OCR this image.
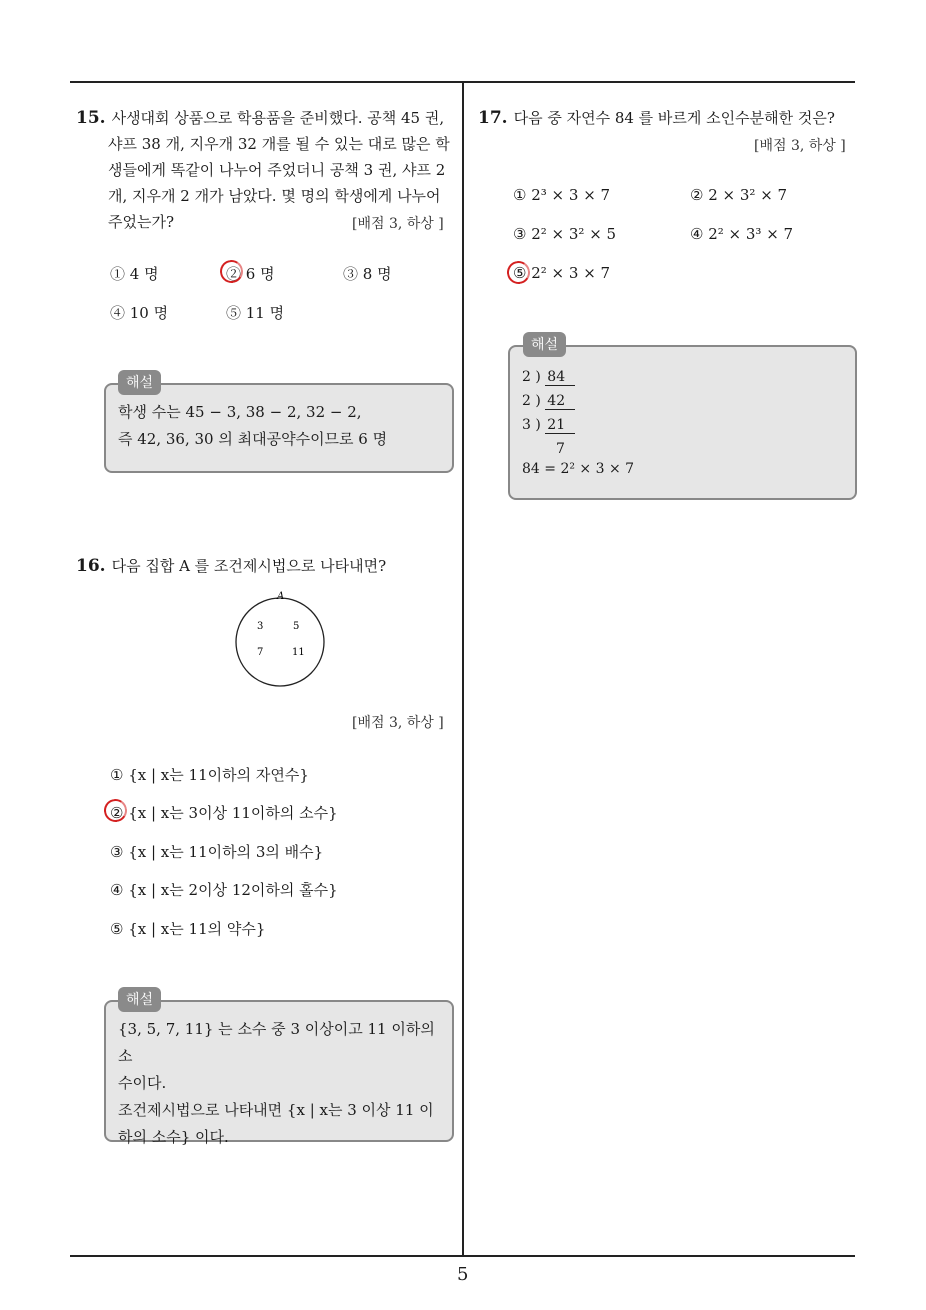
15. 사생대회 상품으로 학용품을 준비했다. 공책 45 권,
샤프 38 개, 지우개 32 개를 될 수 있는 대로 많은 학
생들에게 똑같이 나누어 주었더니 공책 3 권, 샤프 2
개, 지우개 2 개가 남았다. 몇 명의 학생에게 나누어
주었는가?	[배점 3, 하상 ]
① 4 명	② 6 명	③ 8 명
④ 10 명	⑤ 11 명
학생 수는 45 − 3, 38 − 2, 32 − 2,
즉 42, 36, 30 의 최대공약수이므로 6 명
해설
16. 다음 집합 A 를 조건제시법으로 나타내면?
A
3	5
7	11
[배점 3, 하상 ]
① {x | x는 11이하의 자연수}
② {x | x는 3이상 11이하의 소수}
③ {x | x는 11이하의 3의 배수}
④ {x | x는 2이상 12이하의 홀수}
⑤ {x | x는 11의 약수}
{3, 5, 7, 11} 는 소수 중 3 이상이고 11 이하의 소
수이다.
조건제시법으로 나타내면 {x | x는 3 이상 11 이
하의 소수} 이다.
해설
17. 다음 중 자연수 84 를 바르게 소인수분해한 것은?
[배점 3, 하상 ]
① 2³ × 3 × 7	② 2 × 3² × 7
③ 2² × 3² × 5	④ 2² × 3³ × 7
⑤ 2² × 3 × 7
2 ) 84
2 ) 42
3 ) 21
7
84 = 2² × 3 × 7
해설
5
